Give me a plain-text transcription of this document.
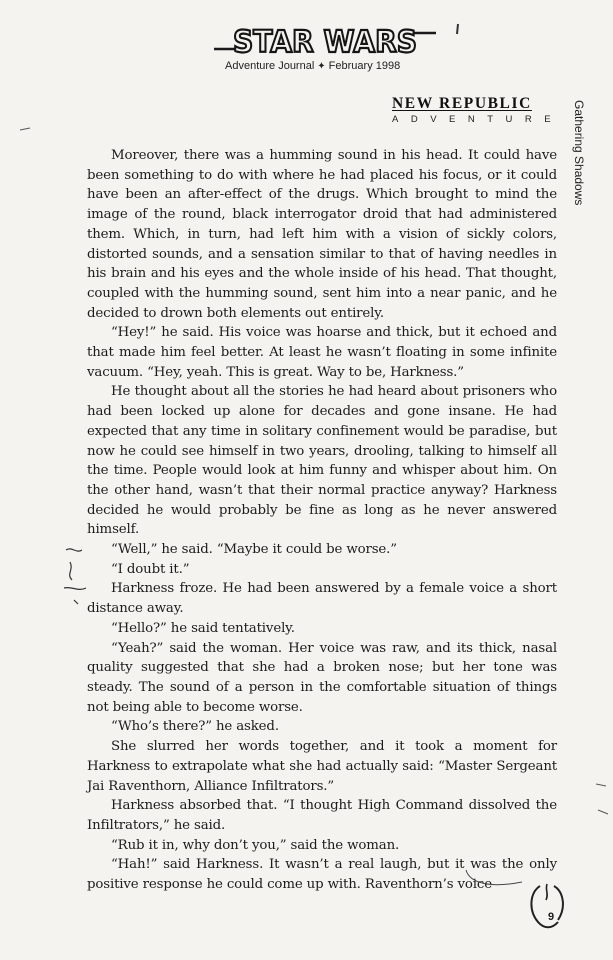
STAR WARS
Adventure Journal ✦ February 1998
NEW REPUBLIC
ADVENTURE Gathering Shadows

Moreover, there was a humming sound in his head. It could have been something to do with where he had placed his focus, or it could have been an after-effect of the drugs. Which brought to mind the image of the round, black interrogator droid that had administered them. Which, in turn, had left him with a vision of sickly colors, distorted sounds, and a sensation similar to that of having needles in his brain and his eyes and the whole inside of his head. That thought, coupled with the humming sound, sent him into a near panic, and he decided to drown both elements out entirely.

“Hey!” he said. His voice was hoarse and thick, but it echoed and that made him feel better. At least he wasn’t floating in some infinite vacuum. “Hey, yeah. This is great. Way to be, Harkness.”

He thought about all the stories he had heard about prisoners who had been locked up alone for decades and gone insane. He had expected that any time in solitary confinement would be paradise, but now he could see himself in two years, drooling, talking to himself all the time. People would look at him funny and whisper about him. On the other hand, wasn’t that their normal practice anyway? Harkness decided he would probably be fine as long as he never answered himself.

“Well,” he said. “Maybe it could be worse.”

“I doubt it.”

Harkness froze. He had been answered by a female voice a short distance away.

“Hello?” he said tentatively.

“Yeah?” said the woman. Her voice was raw, and its thick, nasal quality suggested that she had a broken nose; but her tone was steady. The sound of a person in the comfortable situation of things not being able to become worse.

“Who’s there?” he asked.

She slurred her words together, and it took a moment for Harkness to extrapolate what she had actually said: “Master Sergeant Jai Raventhorn, Alliance Infiltrators.”

Harkness absorbed that. “I thought High Command dissolved the Infiltrators,” he said.

“Rub it in, why don’t you,” said the woman.

“Hah!” said Harkness. It wasn’t a real laugh, but it was the only positive response he could come up with. Raventhorn’s voice

9
